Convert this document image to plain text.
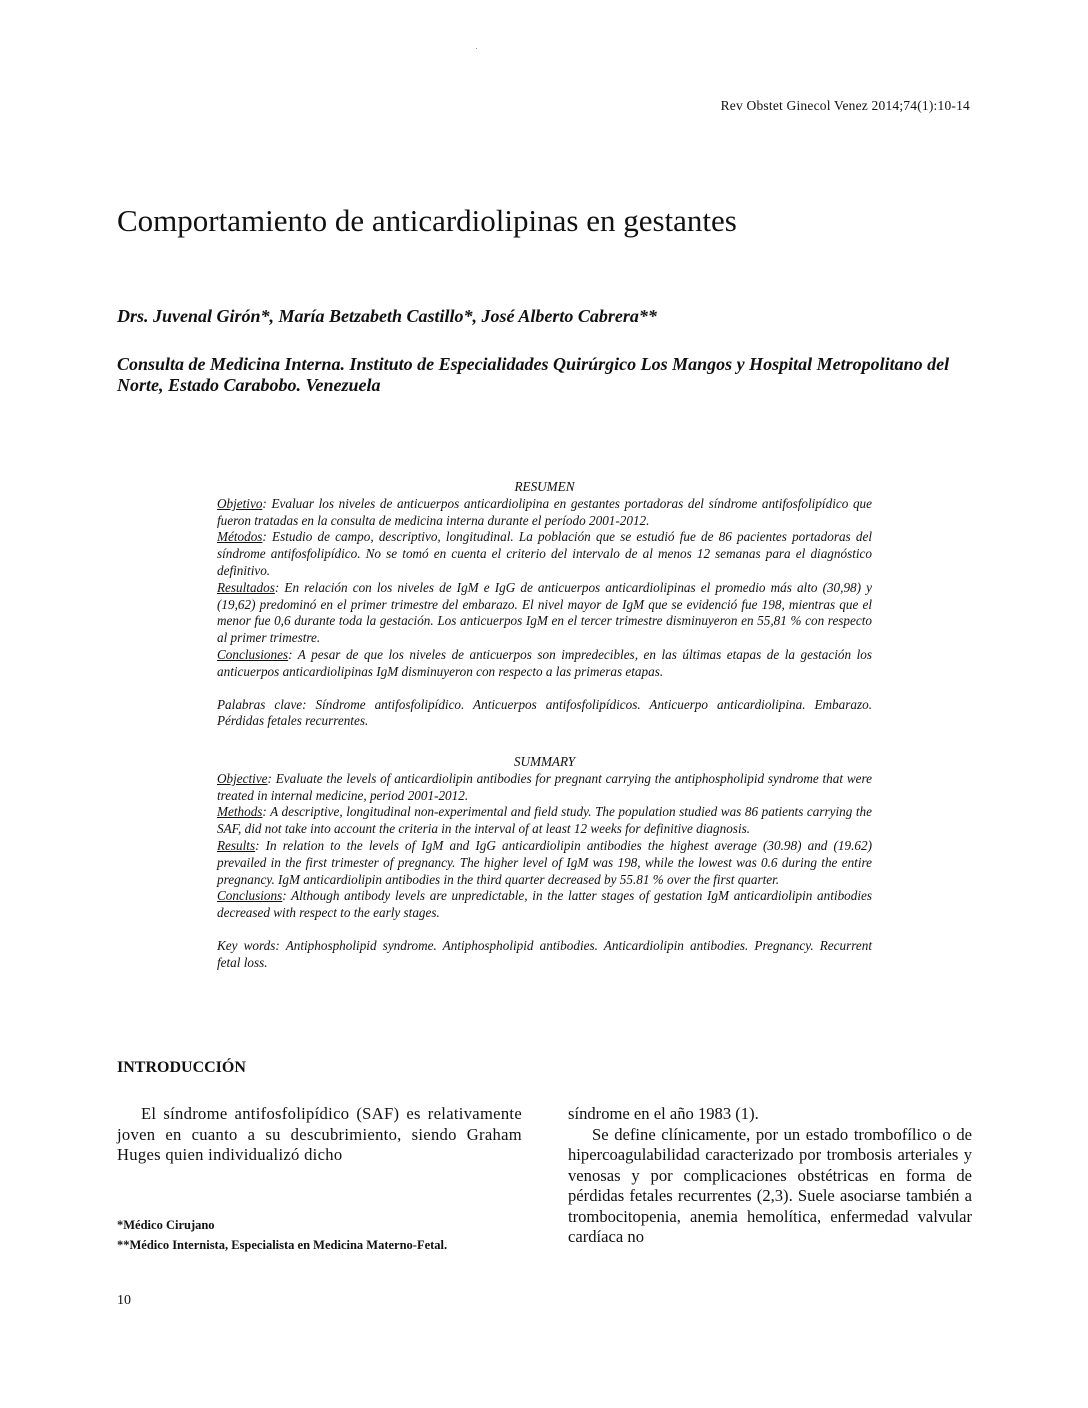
Rev Obstet Ginecol Venez 2014;74(1):10-14
Comportamiento de anticardiolipinas en gestantes
Drs. Juvenal Girón*, María Betzabeth Castillo*, José Alberto Cabrera**
Consulta de Medicina Interna. Instituto de Especialidades Quirúrgico Los Mangos y Hospital Metropolitano del Norte, Estado Carabobo. Venezuela

RESUMEN

Objetivo: Evaluar los niveles de anticuerpos anticardiolipina en gestantes portadoras del síndrome antifosfolipídico que fueron tratadas en la consulta de medicina interna durante el período 2001-2012.

Métodos: Estudio de campo, descriptivo, longitudinal. La población que se estudió fue de 86 pacientes portadoras del síndrome antifosfolipídico. No se tomó en cuenta el criterio del intervalo de al menos 12 semanas para el diagnóstico definitivo.

Resultados: En relación con los niveles de IgM e IgG de anticuerpos anticardiolipinas el promedio más alto (30,98) y (19,62) predominó en el primer trimestre del embarazo. El nivel mayor de IgM que se evidenció fue 198, mientras que el menor fue 0,6 durante toda la gestación. Los anticuerpos IgM en el tercer trimestre disminuyeron en 55,81 % con respecto al primer trimestre.

Conclusiones: A pesar de que los niveles de anticuerpos son impredecibles, en las últimas etapas de la gestación los anticuerpos anticardiolipinas IgM disminuyeron con respecto a las primeras etapas.

Palabras clave: Síndrome antifosfolipídico. Anticuerpos antifosfolipídicos. Anticuerpo anticardiolipina. Embarazo. Pérdidas fetales recurrentes.

SUMMARY

Objective: Evaluate the levels of anticardiolipin antibodies for pregnant carrying the antiphospholipid syndrome that were treated in internal medicine, period 2001-2012.

Methods: A descriptive, longitudinal non-experimental and field study. The population studied was 86 patients carrying the SAF, did not take into account the criteria in the interval of at least 12 weeks for definitive diagnosis.

Results: In relation to the levels of IgM and IgG anticardiolipin antibodies the highest average (30.98) and (19.62) prevailed in the first trimester of pregnancy. The higher level of IgM was 198, while the lowest was 0.6 during the entire pregnancy. IgM anticardiolipin antibodies in the third quarter decreased by 55.81 % over the first quarter.

Conclusions: Although antibody levels are unpredictable, in the latter stages of gestation IgM anticardiolipin antibodies decreased with respect to the early stages.

Key words: Antiphospholipid syndrome. Antiphospholipid antibodies. Anticardiolipin antibodies. Pregnancy. Recurrent fetal loss.

INTRODUCCIÓN

El síndrome antifosfolipídico (SAF) es relativamente joven en cuanto a su descubrimiento, siendo Graham Huges quien individualizó dicho

síndrome en el año 1983 (1).

Se define clínicamente, por un estado trombofílico o de hipercoagulabilidad caracterizado por trombosis arteriales y venosas y por complicaciones obstétricas en forma de pérdidas fetales recurrentes (2,3). Suele asociarse también a trombocitopenia, anemia hemolítica, enfermedad valvular cardíaca no

*Médico Cirujano

**Médico Internista, Especialista en Medicina Materno-Fetal.

10
